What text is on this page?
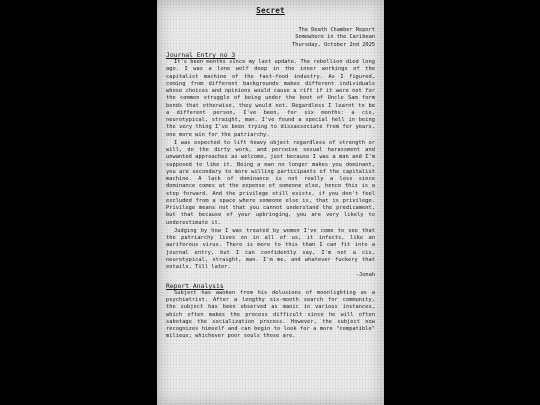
Secret
The Death Chamber Report
Somewhere in the Caribean
Thursday, October 2nd 2025
Journal Entry no 3

It's been months since my last update. The rebellion died long ago. I was a lone wolf deep in the inner workings of the capitalist machine of the fast-food industry. As I figured, coming from different backgrounds makes different individuals whose choices and opinions would cause a rift if it were not for the common struggle of being under the boot of Uncle Sam form bonds that otherwise, they would not. Regardless I learnt to be a different person, I've been, for six months: a cis, neurotypical, straight, man. I've found a special hell in being the very thing I've been trying to dissassociate from for years, one more win for the patriarchy.

I was expected to lift heavy object regardless of strength or will, do the dirty work, and perceive sexual harassment and unwanted approaches as welcome, just because I was a man and I'm supposed to like it. Being a man no longer makes you dominant, you are secondary to more willing participants of the capitalist machine. A lack of dominance is not really a loss since dominance comes at the expense of someone else, hence this is a step forward. And the privilege still exists, if you don't feel excluded from a space where someone else is, that is privilege. Privilege means not that you cannot understand the predicament, but that because of your upbringing, you are very likely to underestimate it.

Judging by how I was treated by women I've come to see that the patriarchy lives on in all of us, it infects, like an auriferous virus. There is more to this than I can fit into a journal entry, but I can confidently say, I'm not a cis, neurotypical, straight, man. I'm me, and whatever fuckery that entails. Till later.

-Jonah
Report Analysis

Subject has awoken from his delusions of moonlighting as a psychiatrist. After a lengthy six-month search for community, the subject has been observed as manic in various instances, which often makes the process difficult since he will often sabotage the socialization process. However, the subject now recognizes himself and can begin to look for a more "compatible" milieux; whichever poor souls those are.
